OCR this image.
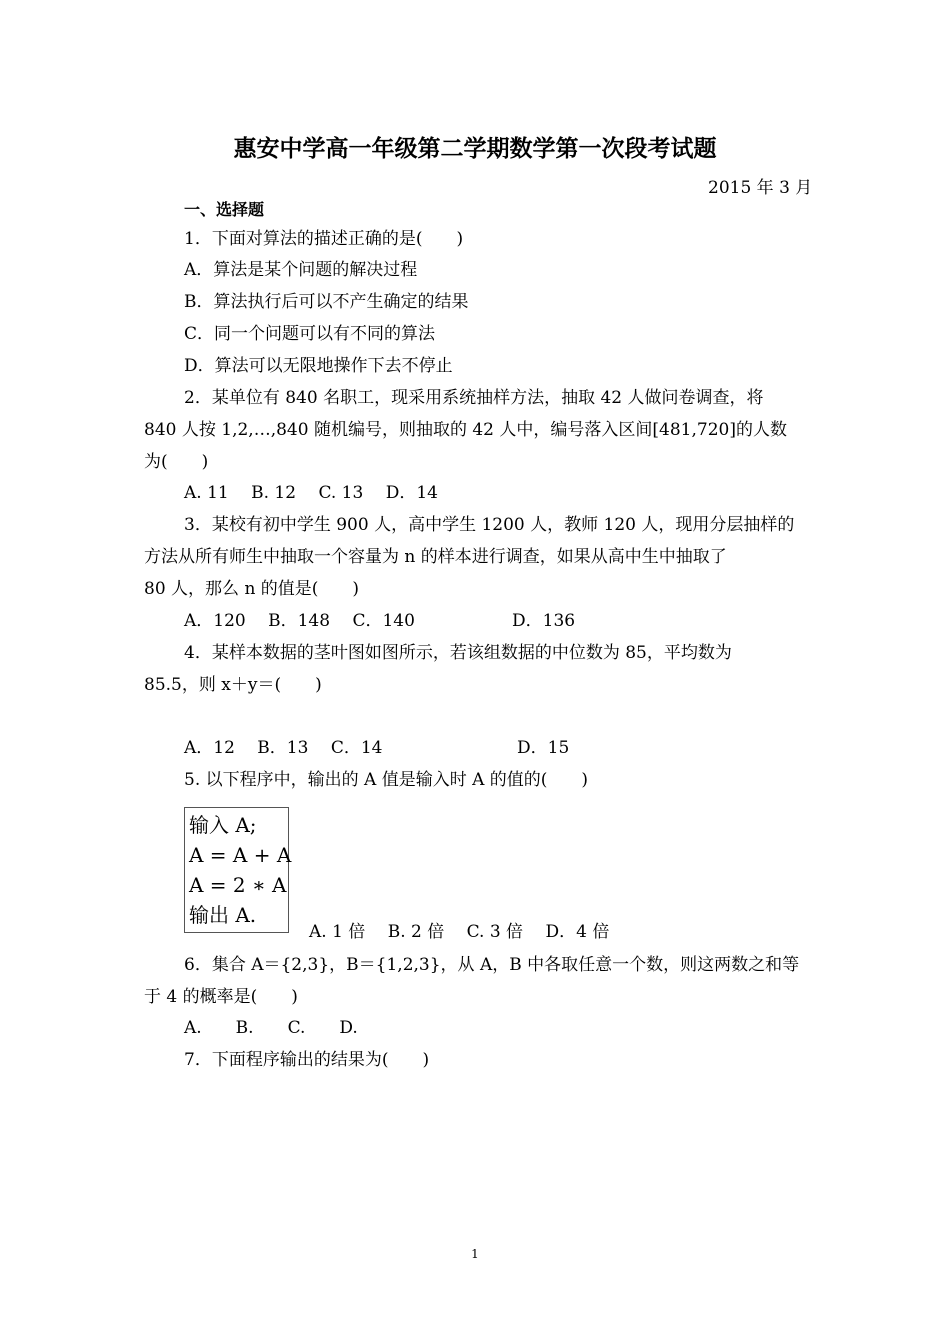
惠安中学高一年级第二学期数学第一次段考试题
2015 年 3 月
一、选择题
1．下面对算法的描述正确的是(　　)
A．算法是某个问题的解决过程
B．算法执行后可以不产生确定的结果
C．同一个问题可以有不同的算法
D．算法可以无限地操作下去不停止
2．某单位有 840 名职工，现采用系统抽样方法，抽取 42 人做问卷调查，将
840 人按 1,2,…,840 随机编号，则抽取的 42 人中，编号落入区间[481,720]的人数
为(　　)
A. 11　 B. 12　 C. 13　 D．14
3．某校有初中学生 900 人，高中学生 1200 人，教师 120 人，现用分层抽样的
方法从所有师生中抽取一个容量为 n 的样本进行调查，如果从高中生中抽取了
80 人，那么 n 的值是(　　)
A．120　 B．148　 C．140	D．136
4．某样本数据的茎叶图如图所示，若该组数据的中位数为 85，平均数为
85.5，则 x＋y＝(　　)
A．12　 B．13　 C．14	D．15
5. 以下程序中，输出的 A 值是输入时 A 的值的(　　)
输入 A;
A = A + A
A = 2 ∗ A
输出 A.
A. 1 倍　 B. 2 倍　 C. 3 倍　 D．4 倍
6．集合 A＝{2,3}，B＝{1,2,3}，从 A，B 中各取任意一个数，则这两数之和等
于 4 的概率是(　　)
A.　　B.　　C.　　D.
7．下面程序输出的结果为(　　)
1
